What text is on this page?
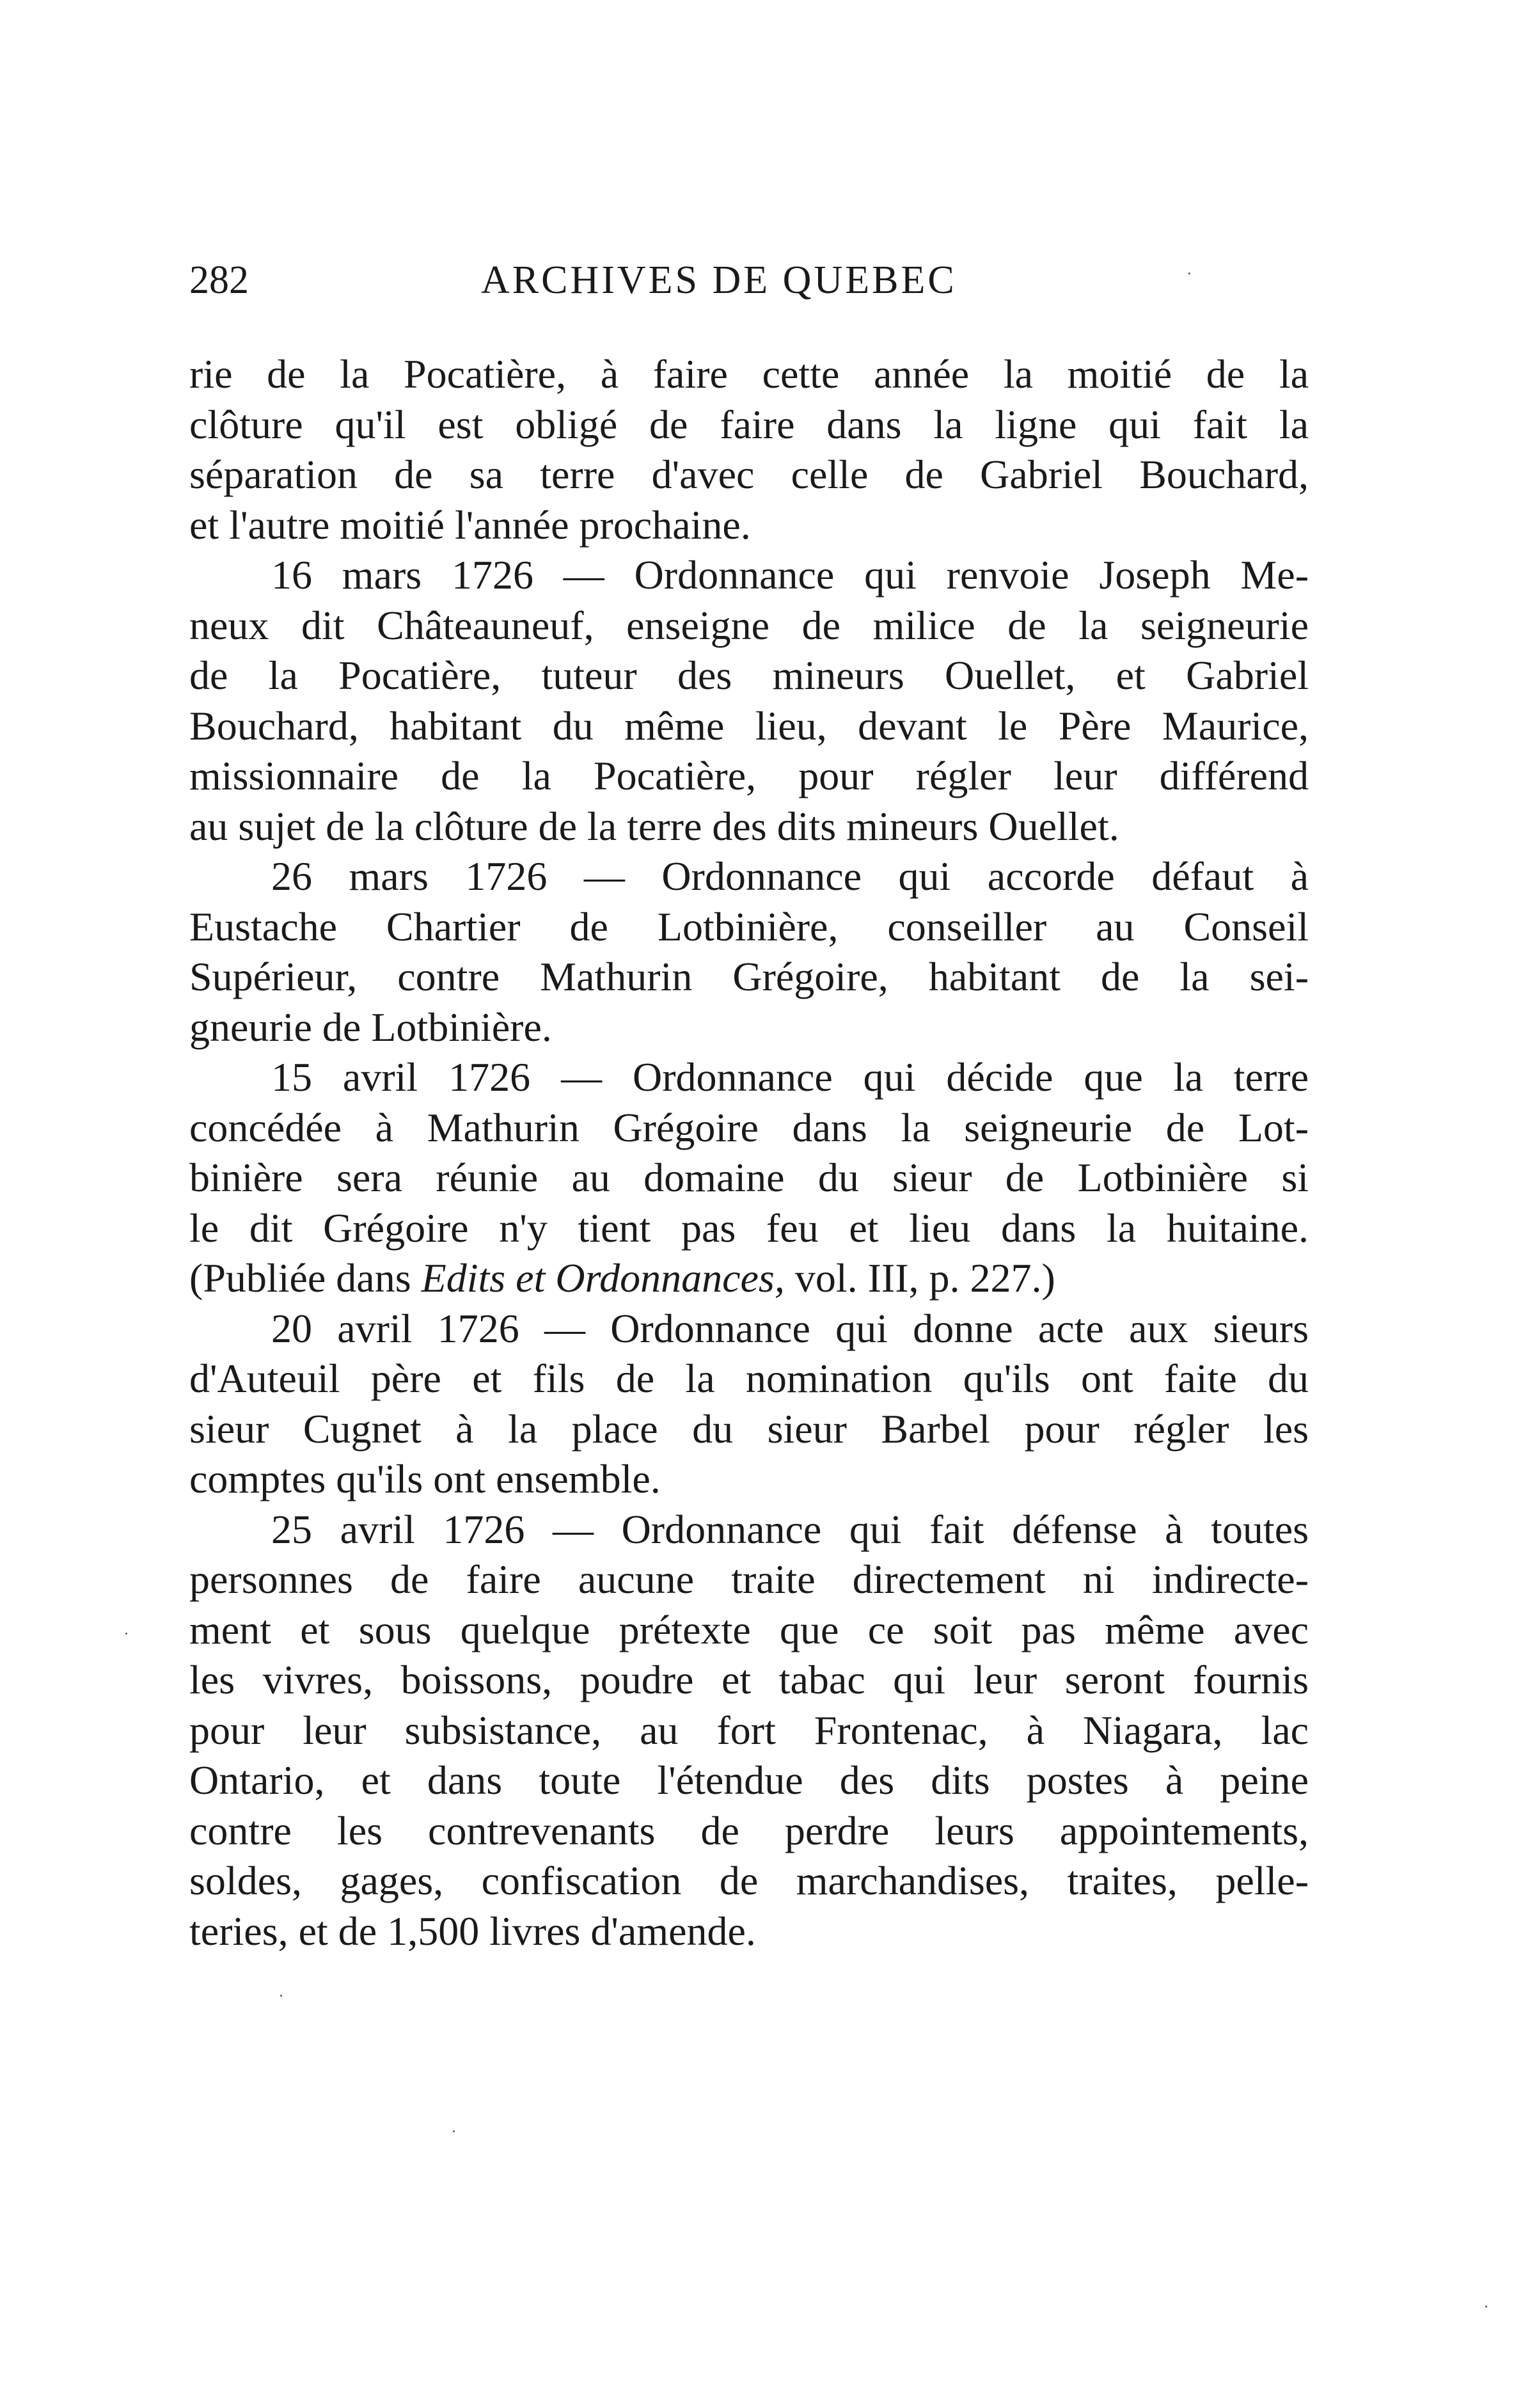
282	ARCHIVES DE QUEBEC

rie de la Pocatière, à faire cette année la moitié de la
clôture qu'il est obligé de faire dans la ligne qui fait la
séparation de sa terre d'avec celle de Gabriel Bouchard,
et l'autre moitié l'année prochaine.

16 mars 1726 — Ordonnance qui renvoie Joseph Me-
neux dit Châteauneuf, enseigne de milice de la seigneurie
de la Pocatière, tuteur des mineurs Ouellet, et Gabriel
Bouchard, habitant du même lieu, devant le Père Maurice,
missionnaire de la Pocatière, pour régler leur différend
au sujet de la clôture de la terre des dits mineurs Ouellet.

26 mars 1726 — Ordonnance qui accorde défaut à
Eustache Chartier de Lotbinière, conseiller au Conseil
Supérieur, contre Mathurin Grégoire, habitant de la sei-
gneurie de Lotbinière.

15 avril 1726 — Ordonnance qui décide que la terre
concédée à Mathurin Grégoire dans la seigneurie de Lot-
binière sera réunie au domaine du sieur de Lotbinière si
le dit Grégoire n'y tient pas feu et lieu dans la huitaine.
(Publiée dans Edits et Ordonnances, vol. III, p. 227.)

20 avril 1726 — Ordonnance qui donne acte aux sieurs
d'Auteuil père et fils de la nomination qu'ils ont faite du
sieur Cugnet à la place du sieur Barbel pour régler les
comptes qu'ils ont ensemble.

25 avril 1726 — Ordonnance qui fait défense à toutes
personnes de faire aucune traite directement ni indirecte-
ment et sous quelque prétexte que ce soit pas même avec
les vivres, boissons, poudre et tabac qui leur seront fournis
pour leur subsistance, au fort Frontenac, à Niagara, lac
Ontario, et dans toute l'étendue des dits postes à peine
contre les contrevenants de perdre leurs appointements,
soldes, gages, confiscation de marchandises, traites, pelle-
teries, et de 1,500 livres d'amende.
